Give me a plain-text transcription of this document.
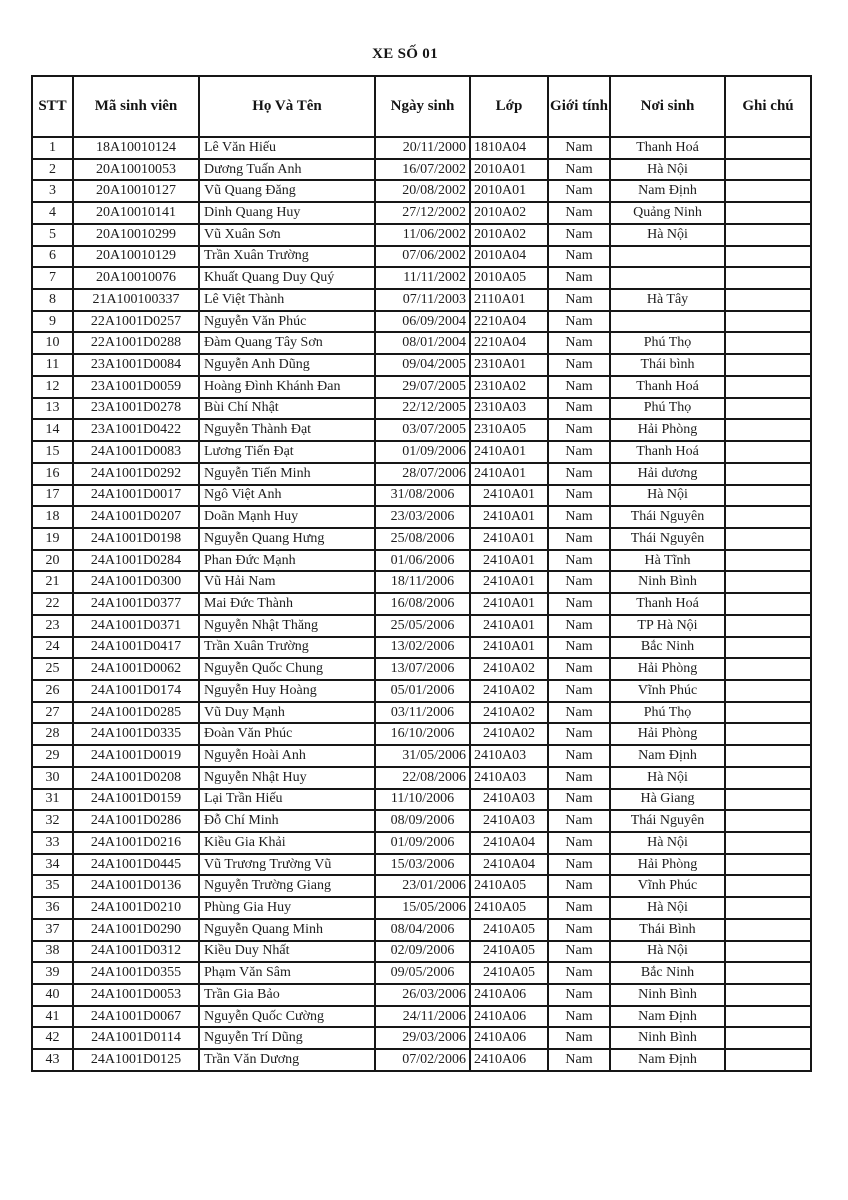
XE SỐ 01
STT	Mã sinh viên	Họ Và Tên	Ngày sinh	Lớp	Giới tính	Nơi sinh	Ghi chú
1	18A10010124	Lê Văn Hiếu	20/11/2000	1810A04	Nam	Thanh Hoá	
2	20A10010053	Dương Tuấn Anh	16/07/2002	2010A01	Nam	Hà Nội	
3	20A10010127	Vũ Quang Đăng	20/08/2002	2010A01	Nam	Nam Định	
4	20A10010141	Dinh Quang Huy	27/12/2002	2010A02	Nam	Quảng Ninh	
5	20A10010299	Vũ Xuân Sơn	11/06/2002	2010A02	Nam	Hà Nội	
6	20A10010129	Trần Xuân Trường	07/06/2002	2010A04	Nam		
7	20A10010076	Khuất Quang Duy Quý	11/11/2002	2010A05	Nam		
8	21A100100337	Lê Việt Thành	07/11/2003	2110A01	Nam	Hà Tây	
9	22A1001D0257	Nguyễn Văn Phúc	06/09/2004	2210A04	Nam		
10	22A1001D0288	Đàm Quang Tây Sơn	08/01/2004	2210A04	Nam	Phú Thọ	
11	23A1001D0084	Nguyễn Anh Dũng	09/04/2005	2310A01	Nam	Thái bình	
12	23A1001D0059	Hoàng Đình Khánh Đan	29/07/2005	2310A02	Nam	Thanh Hoá	
13	23A1001D0278	Bùi Chí Nhật	22/12/2005	2310A03	Nam	Phú Thọ	
14	23A1001D0422	Nguyễn Thành Đạt	03/07/2005	2310A05	Nam	Hải Phòng	
15	24A1001D0083	Lương Tiến Đạt	01/09/2006	2410A01	Nam	Thanh Hoá	
16	24A1001D0292	Nguyễn Tiến Minh	28/07/2006	2410A01	Nam	Hải dương	
17	24A1001D0017	Ngô Việt Anh	31/08/2006	2410A01	Nam	Hà Nội	
18	24A1001D0207	Doãn Mạnh Huy	23/03/2006	2410A01	Nam	Thái Nguyên	
19	24A1001D0198	Nguyễn Quang Hưng	25/08/2006	2410A01	Nam	Thái Nguyên	
20	24A1001D0284	Phan Đức Mạnh	01/06/2006	2410A01	Nam	Hà Tĩnh	
21	24A1001D0300	Vũ Hải Nam	18/11/2006	2410A01	Nam	Ninh Bình	
22	24A1001D0377	Mai Đức Thành	16/08/2006	2410A01	Nam	Thanh Hoá	
23	24A1001D0371	Nguyễn Nhật Thăng	25/05/2006	2410A01	Nam	TP Hà Nội	
24	24A1001D0417	Trần Xuân Trường	13/02/2006	2410A01	Nam	Bắc Ninh	
25	24A1001D0062	Nguyễn Quốc Chung	13/07/2006	2410A02	Nam	Hải Phòng	
26	24A1001D0174	Nguyễn Huy Hoàng	05/01/2006	2410A02	Nam	Vĩnh Phúc	
27	24A1001D0285	Vũ Duy Mạnh	03/11/2006	2410A02	Nam	Phú Thọ	
28	24A1001D0335	Đoàn Văn Phúc	16/10/2006	2410A02	Nam	Hải Phòng	
29	24A1001D0019	Nguyễn Hoài Anh	31/05/2006	2410A03	Nam	Nam Định	
30	24A1001D0208	Nguyễn Nhật Huy	22/08/2006	2410A03	Nam	Hà Nội	
31	24A1001D0159	Lại Trần Hiếu	11/10/2006	2410A03	Nam	Hà Giang	
32	24A1001D0286	Đỗ Chí Minh	08/09/2006	2410A03	Nam	Thái Nguyên	
33	24A1001D0216	Kiều Gia Khải	01/09/2006	2410A04	Nam	Hà Nội	
34	24A1001D0445	Vũ Trương Trường Vũ	15/03/2006	2410A04	Nam	Hải Phòng	
35	24A1001D0136	Nguyễn Trường Giang	23/01/2006	2410A05	Nam	Vĩnh Phúc	
36	24A1001D0210	Phùng Gia Huy	15/05/2006	2410A05	Nam	Hà Nội	
37	24A1001D0290	Nguyễn Quang Minh	08/04/2006	2410A05	Nam	Thái Bình	
38	24A1001D0312	Kiều Duy Nhất	02/09/2006	2410A05	Nam	Hà Nội	
39	24A1001D0355	Phạm Văn Sâm	09/05/2006	2410A05	Nam	Bắc Ninh	
40	24A1001D0053	Trần Gia Bảo	26/03/2006	2410A06	Nam	Ninh Bình	
41	24A1001D0067	Nguyễn Quốc Cường	24/11/2006	2410A06	Nam	Nam Định	
42	24A1001D0114	Nguyễn Trí Dũng	29/03/2006	2410A06	Nam	Ninh Bình	
43	24A1001D0125	Trần Văn Dương	07/02/2006	2410A06	Nam	Nam Định	
